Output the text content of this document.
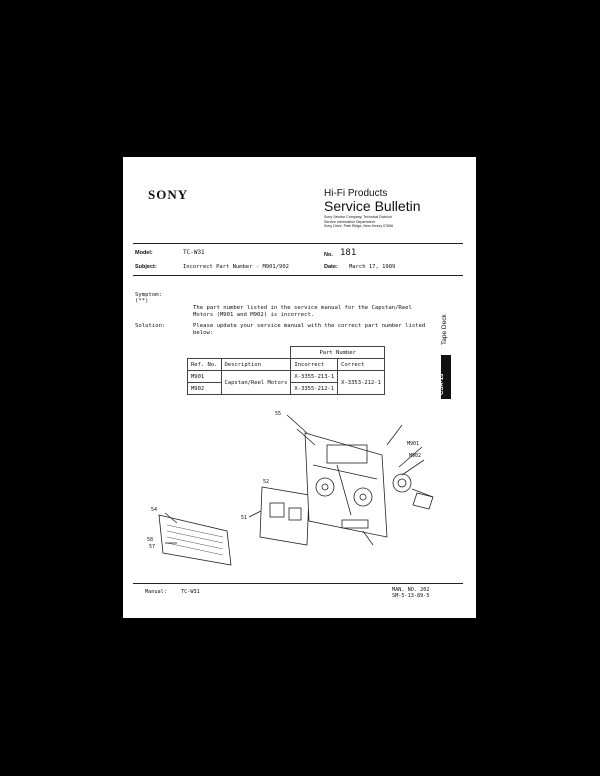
SONY	Hi-Fi Products
Service Bulletin
Sony Service Company, Technical Division
Service Information Department
Sony Drive, Park Ridge, New Jersey 07656
Model:	TC-W31	No. 181
Subject:	Incorrect Part Number - M901/902	Date: March 17, 1989
Symptom:
(**)
The part number listed in the service manual for the Capstan/Reel Motors (M901 and M902) is incorrect.
Solution:	Please update your service manual with the correct part number listed below:
		Part Number	
Ref. No.	Description	Incorrect	Correct
M901	Capstan/Reel Motors	X-3355-213-1	X-3353-212-1
M902		X-3355-212-1	
Tape Deck
CSA-13
54
58
57
51
52
55
M901
M902
Manual:	TC-W31	MAN. NO. 202
SM-5-13-89-5
